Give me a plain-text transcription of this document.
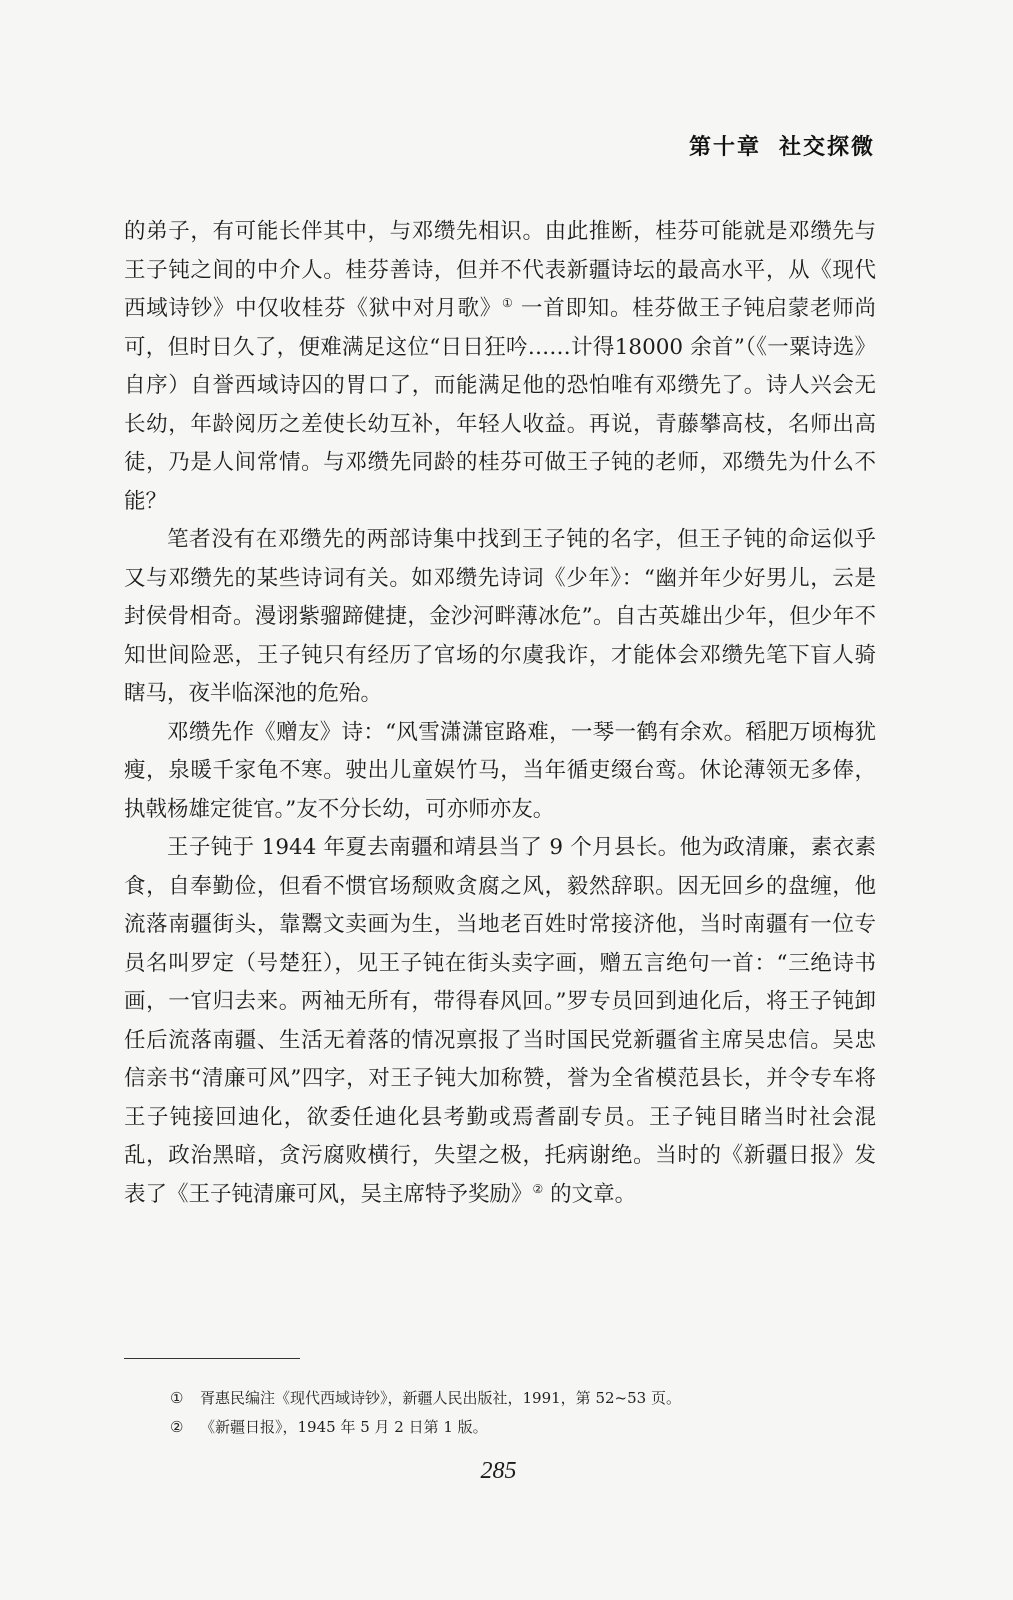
第十章 社交探微

的弟子，有可能长伴其中，与邓缵先相识。由此推断，桂芬可能就是邓缵先与王子钝之间的中介人。桂芬善诗，但并不代表新疆诗坛的最高水平，从《现代西域诗钞》中仅收桂芬《狱中对月歌》① 一首即知。桂芬做王子钝启蒙老师尚可，但时日久了，便难满足这位“日日狂吟……计得18000 余首”（《一粟诗选》自序）自誉西域诗囚的胃口了，而能满足他的恐怕唯有邓缵先了。诗人兴会无长幼，年龄阅历之差使长幼互补，年轻人收益。再说，青藤攀高枝，名师出高徒，乃是人间常情。与邓缵先同龄的桂芬可做王子钝的老师，邓缵先为什么不能？

笔者没有在邓缵先的两部诗集中找到王子钝的名字，但王子钝的命运似乎又与邓缵先的某些诗词有关。如邓缵先诗词《少年》：“幽并年少好男儿，云是封侯骨相奇。漫诩紫骝蹄健捷，金沙河畔薄冰危”。自古英雄出少年，但少年不知世间险恶，王子钝只有经历了官场的尔虞我诈，才能体会邓缵先笔下盲人骑瞎马，夜半临深池的危殆。

邓缵先作《赠友》诗：“风雪潇潇宦路难，一琴一鹤有余欢。稻肥万顷梅犹瘦，泉暖千家龟不寒。驶出儿童娱竹马，当年循吏缀台鸾。休论薄领无多俸，执戟杨雄定徙官。”友不分长幼，可亦师亦友。

王子钝于 1944 年夏去南疆和靖县当了 9 个月县长。他为政清廉，素衣素食，自奉勤俭，但看不惯官场颓败贪腐之风，毅然辞职。因无回乡的盘缠，他流落南疆街头，靠鬻文卖画为生，当地老百姓时常接济他，当时南疆有一位专员名叫罗定（号楚狂），见王子钝在街头卖字画，赠五言绝句一首：“三绝诗书画，一官归去来。两袖无所有，带得春风回。”罗专员回到迪化后，将王子钝卸任后流落南疆、生活无着落的情况禀报了当时国民党新疆省主席吴忠信。吴忠信亲书“清廉可风”四字，对王子钝大加称赞，誉为全省模范县长，并令专车将王子钝接回迪化，欲委任迪化县考勤或焉耆副专员。王子钝目睹当时社会混乱，政治黑暗，贪污腐败横行，失望之极，托病谢绝。当时的《新疆日报》发表了《王子钝清廉可风，吴主席特予奖励》② 的文章。

① 胥惠民编注《现代西域诗钞》，新疆人民出版社，1991，第 52~53 页。
② 《新疆日报》，1945 年 5 月 2 日第 1 版。
285
